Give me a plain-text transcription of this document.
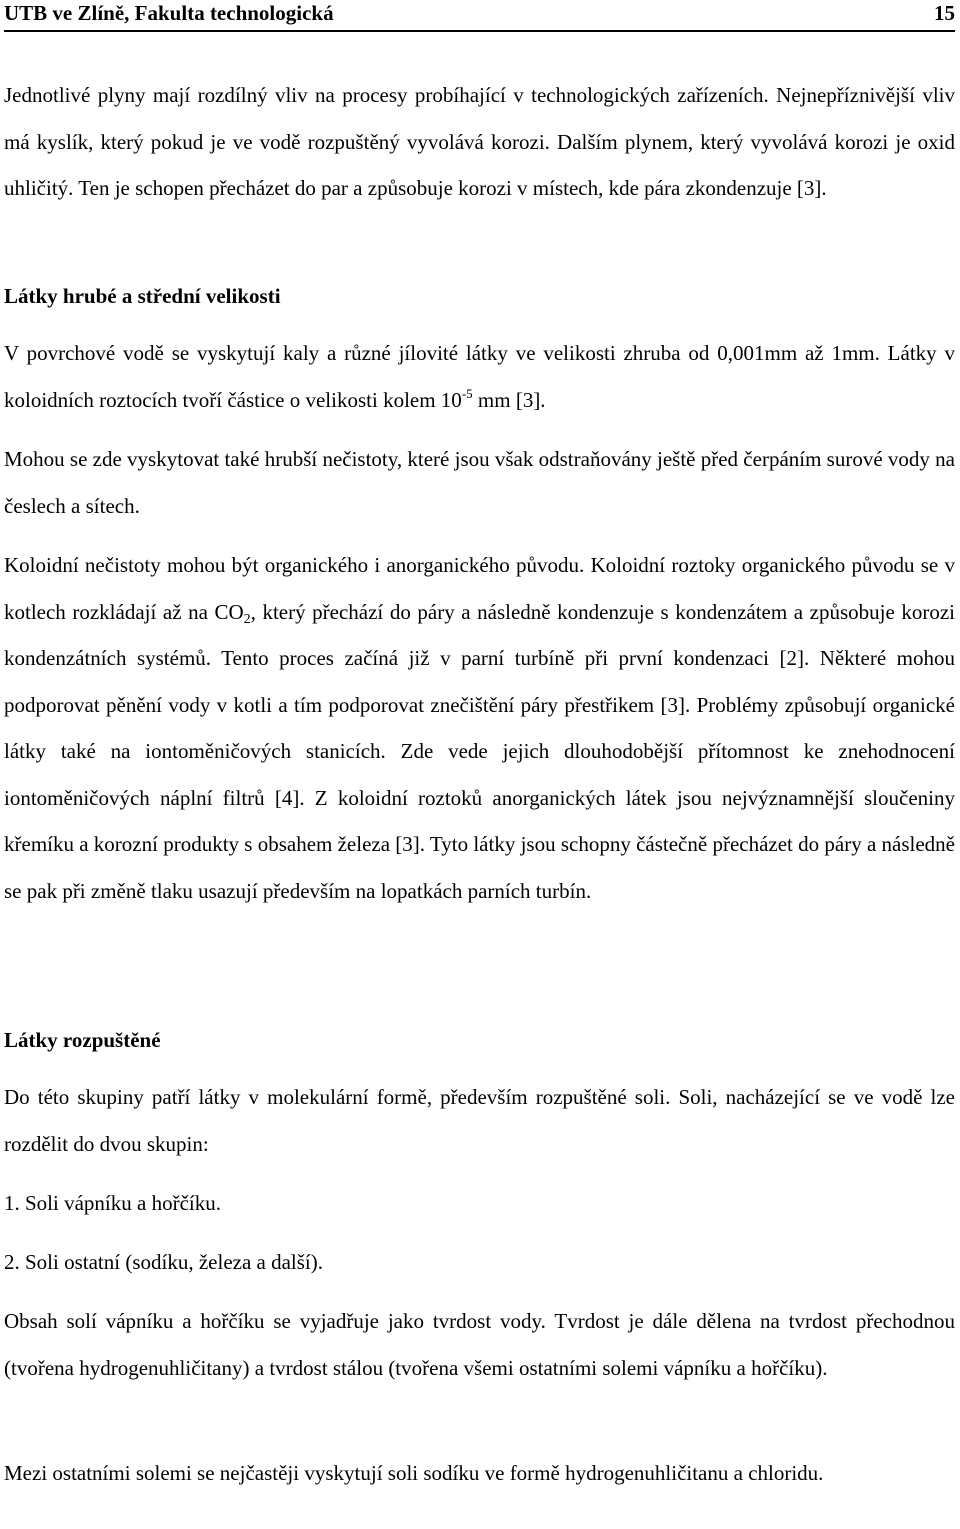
UTB ve Zlíně, Fakulta technologická	15

Jednotlivé plyny mají rozdílný vliv na procesy probíhající v technologických zařízeních. Nejnepříznivější vliv má kyslík, který pokud je ve vodě rozpuštěný vyvolává korozi. Dalším plynem, který vyvolává korozi je oxid uhličitý. Ten je schopen přecházet do par a způsobuje korozi v místech, kde pára zkondenzuje [3].

Látky hrubé a střední velikosti

V povrchové vodě se vyskytují kaly a různé jílovité látky ve velikosti zhruba od 0,001mm až 1mm. Látky v koloidních roztocích tvoří částice o velikosti kolem $10^{-5}$ mm [3].

Mohou se zde vyskytovat také hrubší nečistoty, které jsou však odstraňovány ještě před čerpáním surové vody na česlech a sítech.

Koloidní nečistoty mohou být organického i anorganického původu. Koloidní roztoky organického původu se v kotlech rozkládají až na $CO_2$, který přechází do páry a následně kondenzuje s kondenzátem a způsobuje korozi kondenzátních systémů. Tento proces začíná již v parní turbíně při první kondenzaci [2]. Některé mohou podporovat pěnění vody v kotli a tím podporovat znečištění páry přestřikem [3]. Problémy způsobují organické látky také na iontoměničových stanicích. Zde vede jejich dlouhodobější přítomnost ke znehodnocení iontoměničových náplní filtrů [4]. Z koloidní roztoků anorganických látek jsou nejvýznamnější sloučeniny křemíku a korozní produkty s obsahem železa [3]. Tyto látky jsou schopny částečně přecházet do páry a následně se pak při změně tlaku usazují především na lopatkách parních turbín.

Látky rozpuštěné

Do této skupiny patří látky v molekulární formě, především rozpuštěné soli. Soli, nacházející se ve vodě lze rozdělit do dvou skupin:

1. Soli vápníku a hořčíku.

2. Soli ostatní (sodíku, železa a další).

Obsah solí vápníku a hořčíku se vyjadřuje jako tvrdost vody. Tvrdost je dále dělena na tvrdost přechodnou (tvořena hydrogenuhličitany) a tvrdost stálou (tvořena všemi ostatními solemi vápníku a hořčíku).

Mezi ostatními solemi se nejčastěji vyskytují soli sodíku ve formě hydrogenuhličitanu a chloridu.
